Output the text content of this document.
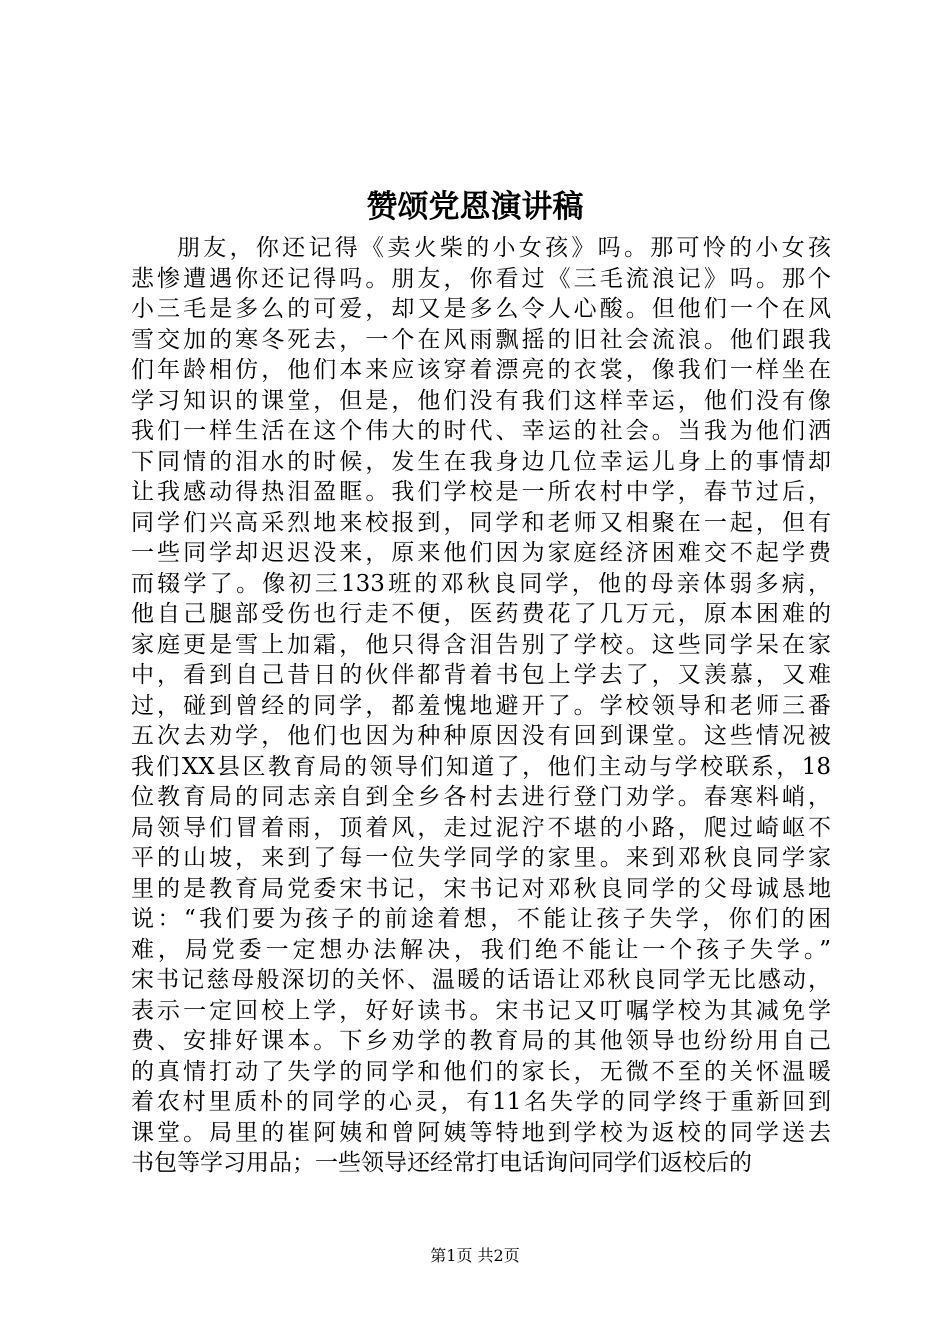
赞颂党恩演讲稿
朋友，你还记得《卖火柴的小女孩》吗。那可怜的小女孩
悲惨遭遇你还记得吗。朋友，你看过《三毛流浪记》吗。那个
小三毛是多么的可爱，却又是多么令人心酸。但他们一个在风
雪交加的寒冬死去，一个在风雨飘摇的旧社会流浪。他们跟我
们年龄相仿，他们本来应该穿着漂亮的衣裳，像我们一样坐在
学习知识的课堂，但是，他们没有我们这样幸运，他们没有像
我们一样生活在这个伟大的时代、幸运的社会。当我为他们洒
下同情的泪水的时候，发生在我身边几位幸运儿身上的事情却
让我感动得热泪盈眶。我们学校是一所农村中学，春节过后，
同学们兴高采烈地来校报到，同学和老师又相聚在一起，但有
一些同学却迟迟没来，原来他们因为家庭经济困难交不起学费
而辍学了。像初三133班的邓秋良同学，他的母亲体弱多病，
他自己腿部受伤也行走不便，医药费花了几万元，原本困难的
家庭更是雪上加霜，他只得含泪告别了学校。这些同学呆在家
中，看到自己昔日的伙伴都背着书包上学去了，又羡慕，又难
过，碰到曾经的同学，都羞愧地避开了。学校领导和老师三番
五次去劝学，他们也因为种种原因没有回到课堂。这些情况被
我们XX县区教育局的领导们知道了，他们主动与学校联系，18
位教育局的同志亲自到全乡各村去进行登门劝学。春寒料峭，
局领导们冒着雨，顶着风，走过泥泞不堪的小路，爬过崎岖不
平的山坡，来到了每一位失学同学的家里。来到邓秋良同学家
里的是教育局党委宋书记，宋书记对邓秋良同学的父母诚恳地
说：“我们要为孩子的前途着想，不能让孩子失学，你们的困
难，局党委一定想办法解决，我们绝不能让一个孩子失学。”
宋书记慈母般深切的关怀、温暖的话语让邓秋良同学无比感动，
表示一定回校上学，好好读书。宋书记又叮嘱学校为其减免学
费、安排好课本。下乡劝学的教育局的其他领导也纷纷用自己
的真情打动了失学的同学和他们的家长，无微不至的关怀温暖
着农村里质朴的同学的心灵，有11名失学的同学终于重新回到
课堂。局里的崔阿姨和曾阿姨等特地到学校为返校的同学送去
书包等学习用品；一些领导还经常打电话询问同学们返校后的
第1页 共2页
